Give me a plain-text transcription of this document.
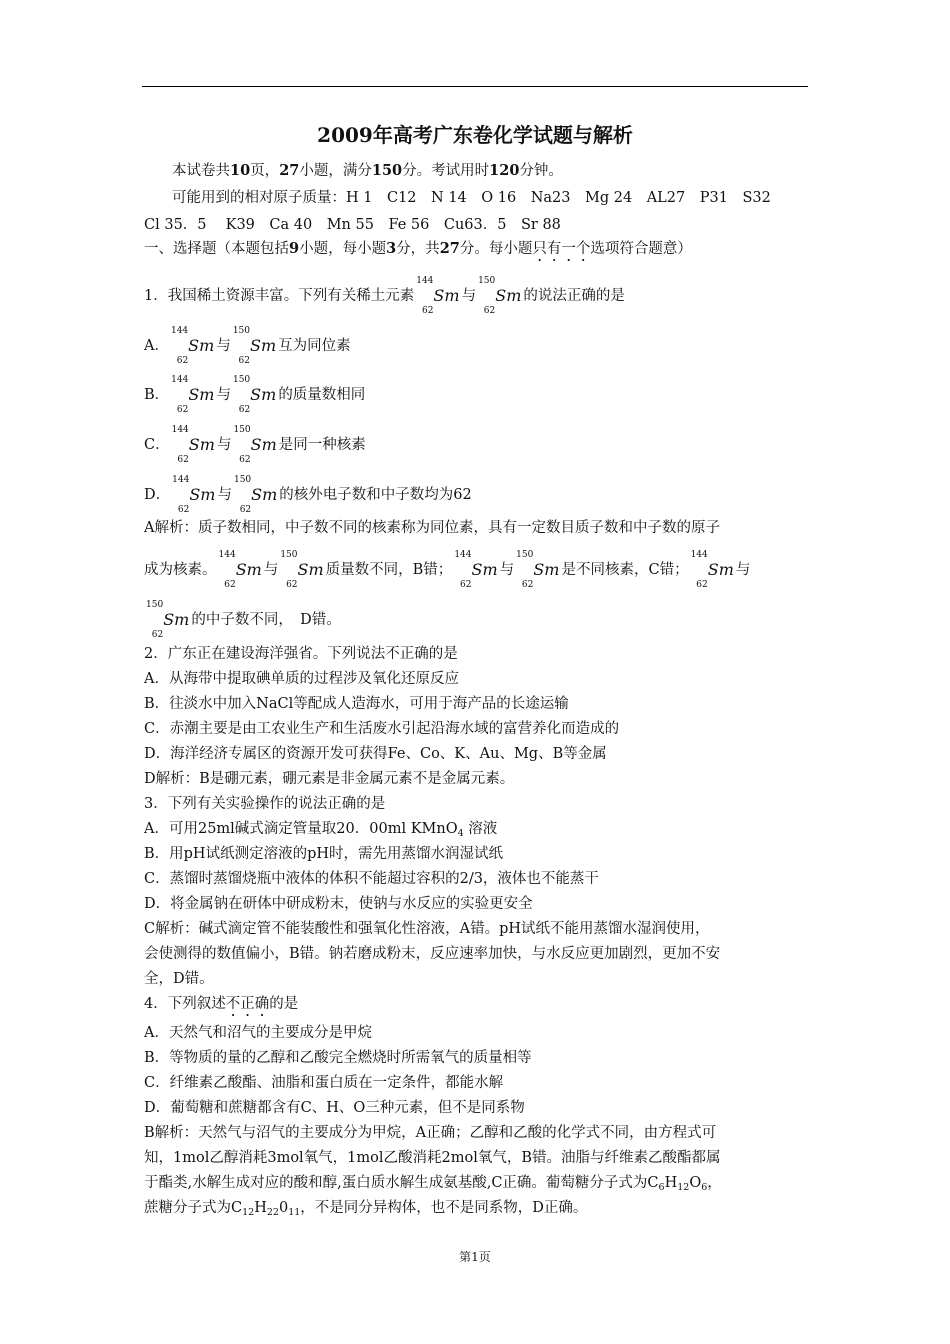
2009年高考广东卷化学试题与解析
本试卷共10页，27小题，满分150分。考试用时120分钟。
可能用到的相对原子质量：H 1　C12　N 14　O 16　Na23　Mg 24　AL27　P31　S32
Cl 35．5　 K39　Ca 40　Mn 55　Fe 56　Cu63．5　Sr 88
一、选择题（本题包括9小题，每小题3分，共27分。每小题只有一个选项符合题意）
1．我国稀土资源丰富。下列有关稀土元素
144
62
Sm 与
150
62
Sm 的说法正确的是
A．
144
62
Sm 与
150
62
Sm 互为同位素
B．
144
62
Sm 与
150
62
Sm 的质量数相同
C．
144
62
Sm 与
150
62
Sm 是同一种核素
D．
144
62
Sm 与
150
62
Sm 的核外电子数和中子数均为62
A解析：质子数相同，中子数不同的核素称为同位素，具有一定数目质子数和中子数的原子
成为核素。
144
62
Sm 与
150
62
Sm 质量数不同，B错；
144
62
Sm 与
150
62
Sm 是不同核素，C错；
144
62
Sm 与
150
62
Sm 的中子数不同，　D错。
2．广东正在建设海洋强省。下列说法不正确的是
A．从海带中提取碘单质的过程涉及氧化还原反应
B．往淡水中加入NaCl等配成人造海水，可用于海产品的长途运输
C．赤潮主要是由工农业生产和生活废水引起沿海水域的富营养化而造成的
D．海洋经济专属区的资源开发可获得Fe、Co、K、Au、Mg、B等金属
D解析：B是硼元素，硼元素是非金属元素不是金属元素。
3．下列有关实验操作的说法正确的是
A．可用25ml碱式滴定管量取20．00ml KMnO$_4$ 溶液
B．用pH试纸测定溶液的pH时，需先用蒸馏水润湿试纸
C．蒸馏时蒸馏烧瓶中液体的体积不能超过容积的2/3，液体也不能蒸干
D．将金属钠在研体中研成粉末，使钠与水反应的实验更安全
C解析：碱式滴定管不能装酸性和强氧化性溶液，A错。pH试纸不能用蒸馏水湿润使用，
会使测得的数值偏小，B错。钠若磨成粉末，反应速率加快，与水反应更加剧烈，更加不安
全，D错。
4．下列叙述不正确的是
A．天然气和沼气的主要成分是甲烷
B．等物质的量的乙醇和乙酸完全燃烧时所需氧气的质量相等
C．纤维素乙酸酯、油脂和蛋白质在一定条件，都能水解
D．葡萄糖和蔗糖都含有C、H、O三种元素，但不是同系物
B解析：天然气与沼气的主要成分为甲烷，A正确；乙醇和乙酸的化学式不同，由方程式可
知，1mol乙醇消耗3mol氧气，1mol乙酸消耗2mol氧气，B错。油脂与纤维素乙酸酯都属
于酯类,水解生成对应的酸和醇,蛋白质水解生成氨基酸,C正确。葡萄糖分子式为$C_6H_{12}O_6$，
蔗糖分子式为$C_{12}H_{22}0_{11}$，不是同分异构体，也不是同系物，D正确。
第1页
